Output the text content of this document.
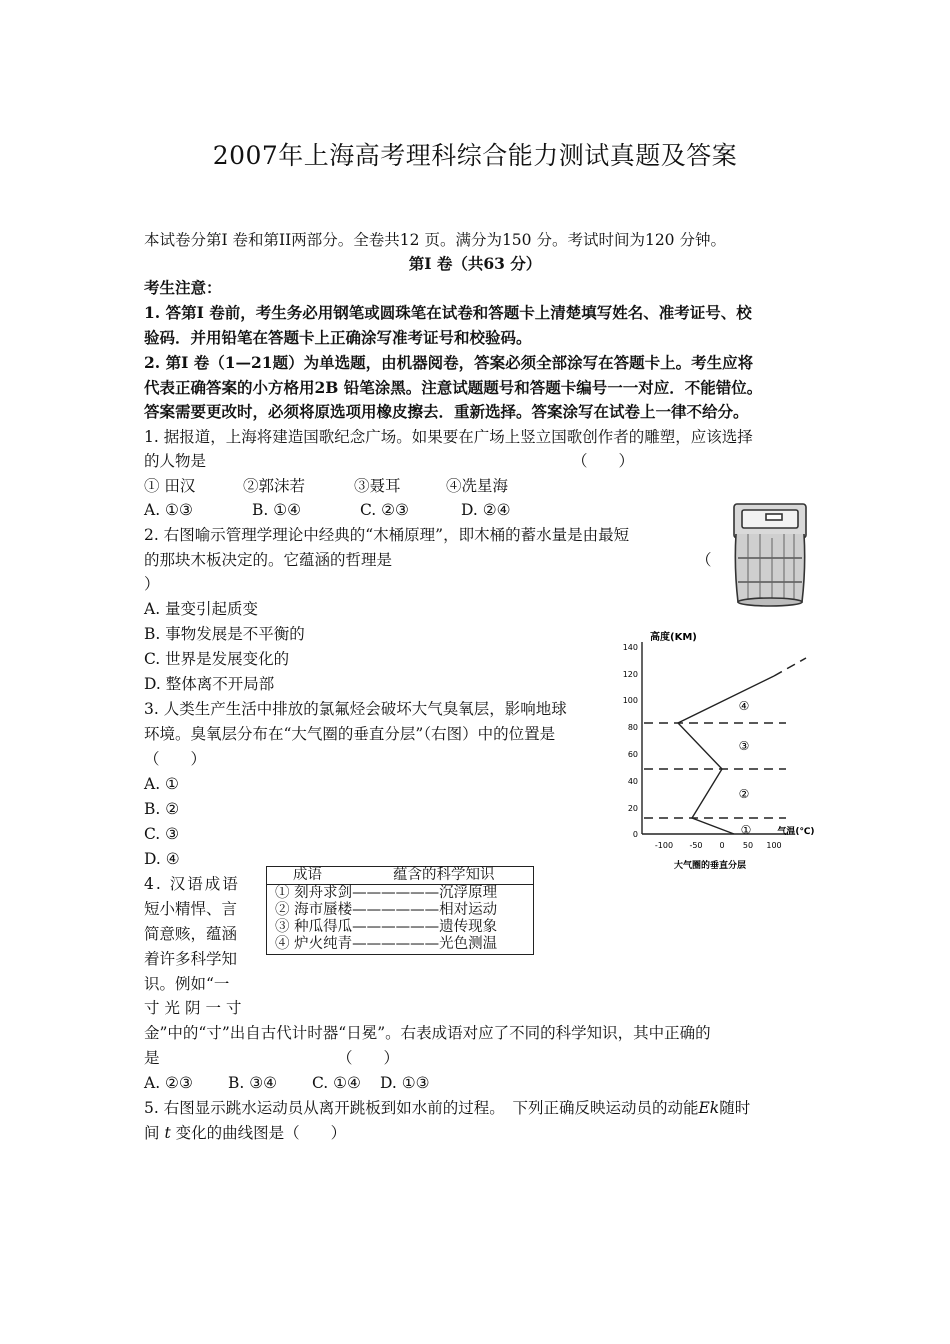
2007年上海高考理科综合能力测试真题及答案
本试卷分第I 卷和第II两部分。全卷共12 页。满分为150 分。考试时间为120 分钟。
第I 卷（共63 分）
考生注意：
1. 答第I 卷前，考生务必用钢笔或圆珠笔在试卷和答题卡上清楚填写姓名、准考证号、校
验码．并用铅笔在答题卡上正确涂写准考证号和校验码。
2. 第I 卷（1—21题）为单选题，由机器阅卷，答案必须全部涂写在答题卡上。考生应将
代表正确答案的小方格用2B 铅笔涂黑。注意试题题号和答题卡编号一一对应．不能错位。
答案需要更改时，必须将原选项用橡皮擦去．重新选择。答案涂写在试卷上一律不给分。
1. 据报道，上海将建造国歌纪念广场。如果要在广场上竖立国歌创作者的雕塑，应该选择
的人物是	（　　）
① 田汉	②郭沫若	③聂耳	④冼星海
A. ①③	B. ①④	C. ②③	D. ②④
2. 右图喻示管理学理论中经典的“木桶原理”，即木桶的蓄水量是由最短
的那块木板决定的。它蕴涵的哲理是	（
）
A. 量变引起质变
B. 事物发展是不平衡的
C. 世界是发展变化的
D. 整体离不开局部
3. 人类生产生活中排放的氯氟烃会破坏大气臭氧层，影响地球
环境。臭氧层分布在“大气圈的垂直分层”（右图）中的位置是
（　　）
A. ①
B. ②
C. ③
D. ④
高度(KM)
140
120
100
80
60
40
20
0
-100 -50 0 50 100
气温(℃)
①
②
③
④
大气圈的垂直分层
4. 汉语成语
短小精悍、言
简意赅，蕴涵
着许多科学知
识。例如“一
寸光阴一寸
金”中的“寸”出自古代计时器“日冕”。右表成语对应了不同的科学知识，其中正确的
是	（　　）
A. ②③ B. ③④ C. ①④ D. ①③
成语	蕴含的科学知识
① 刻舟求剑——————沉浮原理
② 海市蜃楼——————相对运动
③ 种瓜得瓜——————遗传现象
④ 炉火纯青——————光色测温
5. 右图显示跳水运动员从离开跳板到如水前的过程。　下列正确反映运动员的动能Ek随时
间 t 变化的曲线图是（　　）
